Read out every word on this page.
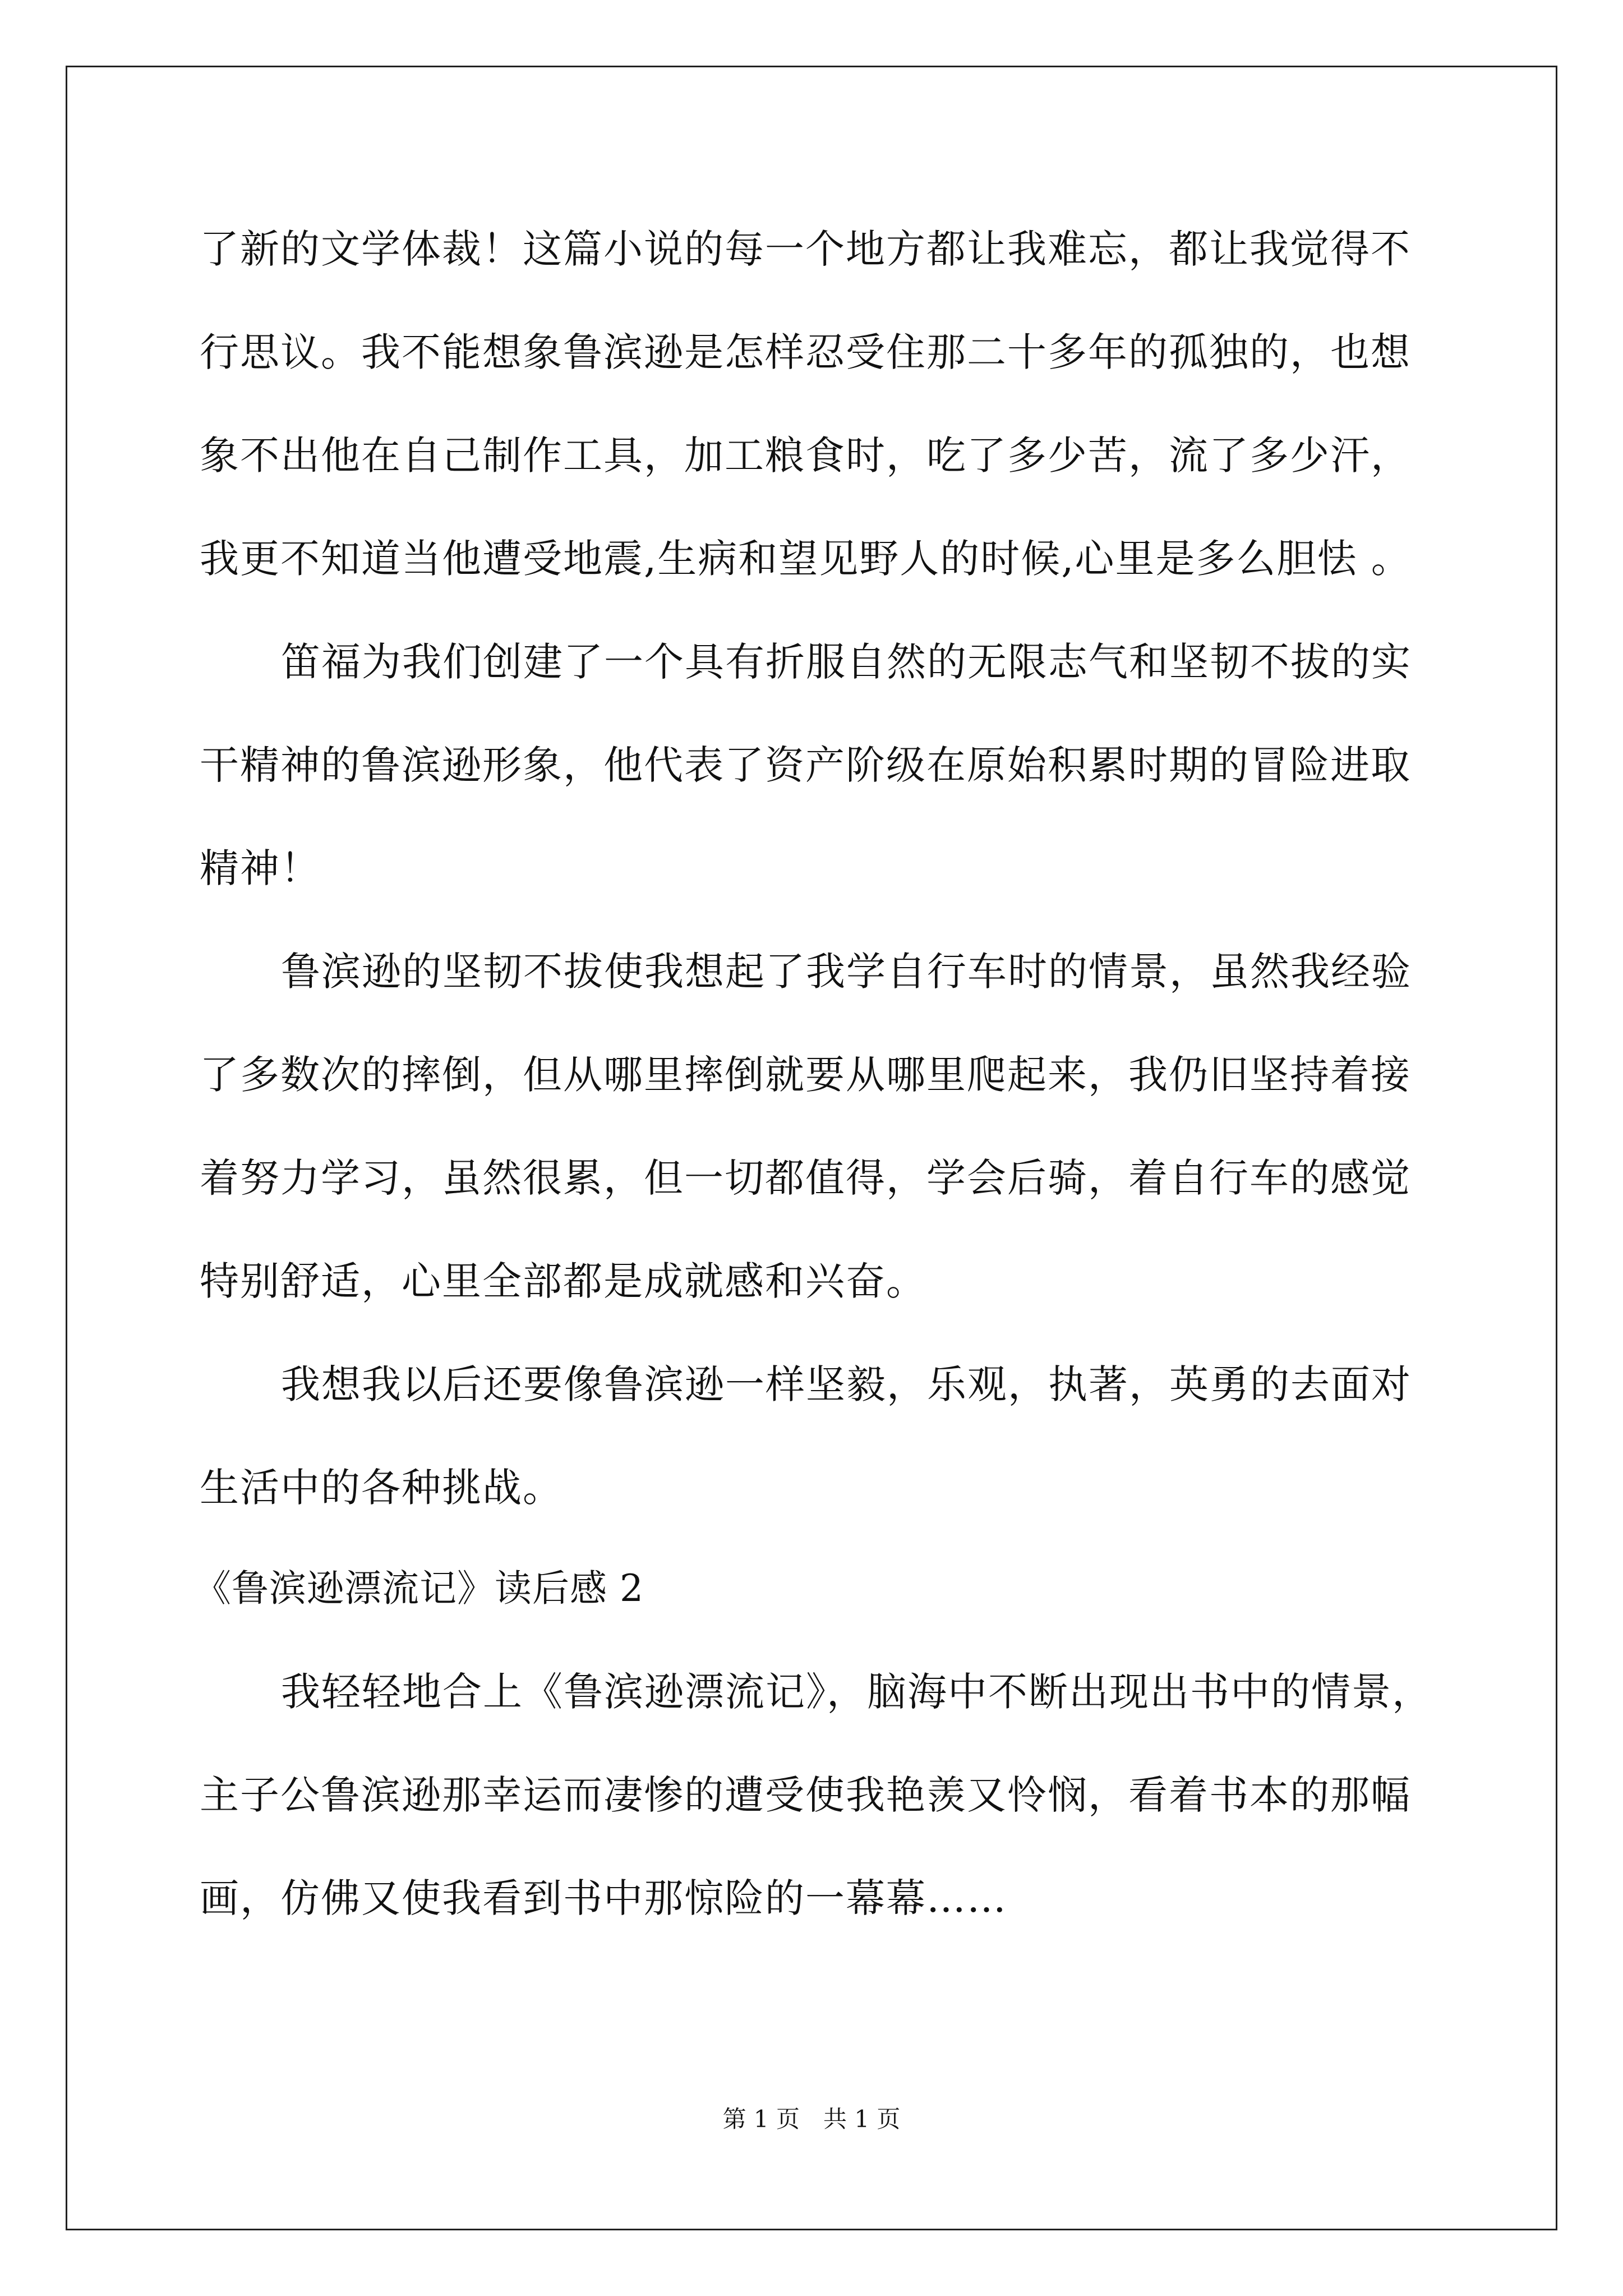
了新的文学体裁！这篇小说的每一个地方都让我难忘，都让我觉得不
行思议。我不能想象鲁滨逊是怎样忍受住那二十多年的孤独的，也想
象不出他在自己制作工具，加工粮食时，吃了多少苦，流了多少汗，
我更不知道当他遭受地震,生病和望见野人的时候,心里是多么胆怯 。
笛福为我们创建了一个具有折服自然的无限志气和坚韧不拔的实
干精神的鲁滨逊形象，他代表了资产阶级在原始积累时期的冒险进取
精神！
鲁滨逊的坚韧不拔使我想起了我学自行车时的情景，虽然我经验
了多数次的摔倒，但从哪里摔倒就要从哪里爬起来，我仍旧坚持着接
着努力学习，虽然很累，但一切都值得，学会后骑，着自行车的感觉
特别舒适，心里全部都是成就感和兴奋。
我想我以后还要像鲁滨逊一样坚毅，乐观，执著，英勇的去面对
生活中的各种挑战。
《鲁滨逊漂流记》读后感 2
我轻轻地合上《鲁滨逊漂流记》，脑海中不断出现出书中的情景，
主子公鲁滨逊那幸运而凄惨的遭受使我艳羡又怜悯，看着书本的那幅
画，仿佛又使我看到书中那惊险的一幕幕……
第 1 页　共 1 页
